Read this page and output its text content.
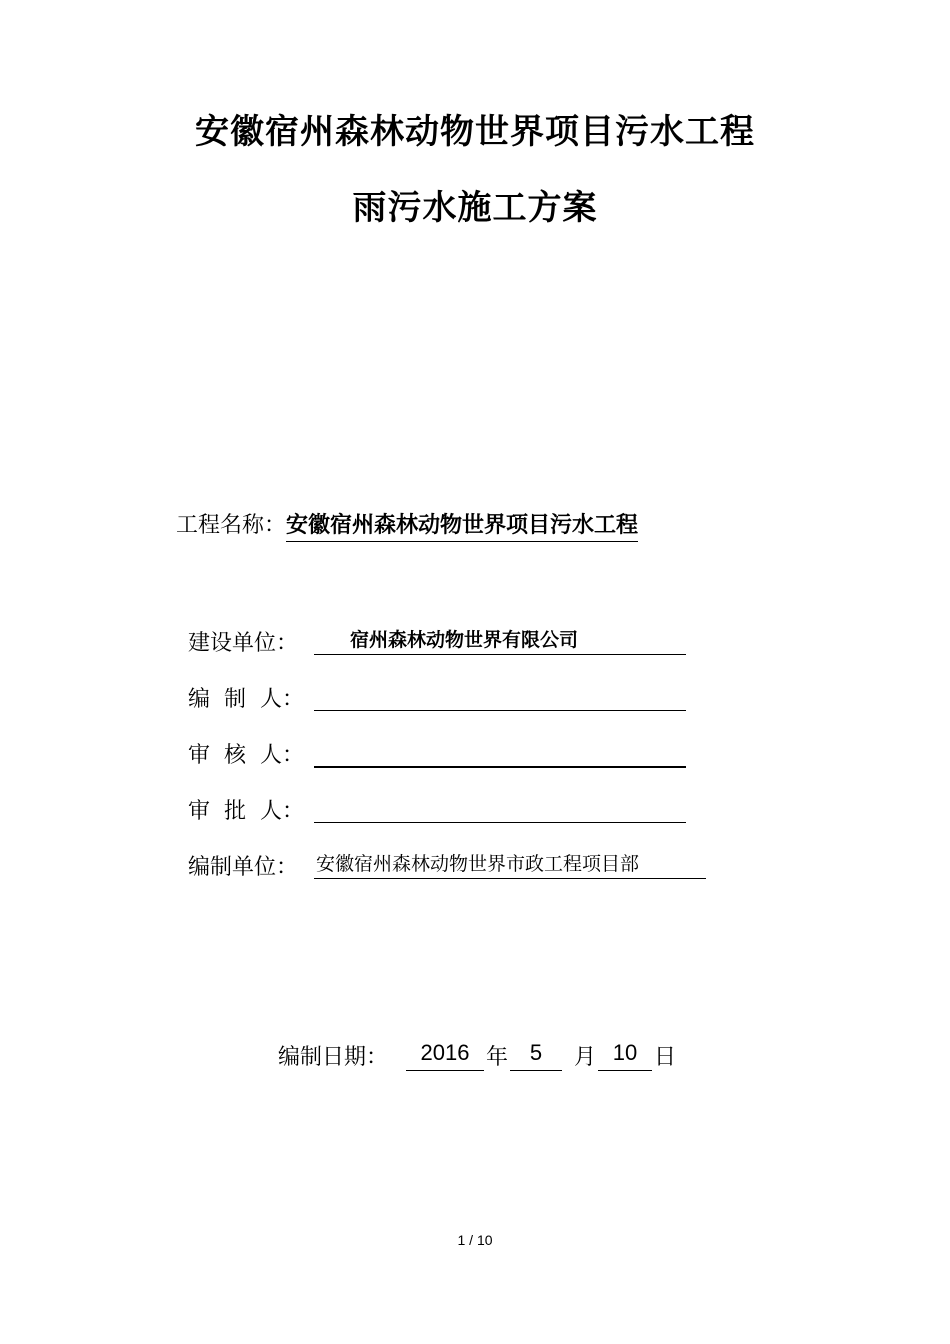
安徽宿州森林动物世界项目污水工程
雨污水施工方案
工程名称：安徽宿州森林动物世界项目污水工程
建设单位：	宿州森林动物世界有限公司
编  制  人：
审  核  人：
审  批  人：
编制单位： 安徽宿州森林动物世界市政工程项目部
编制日期： 2016 年 5 月 10 日
1 / 10
